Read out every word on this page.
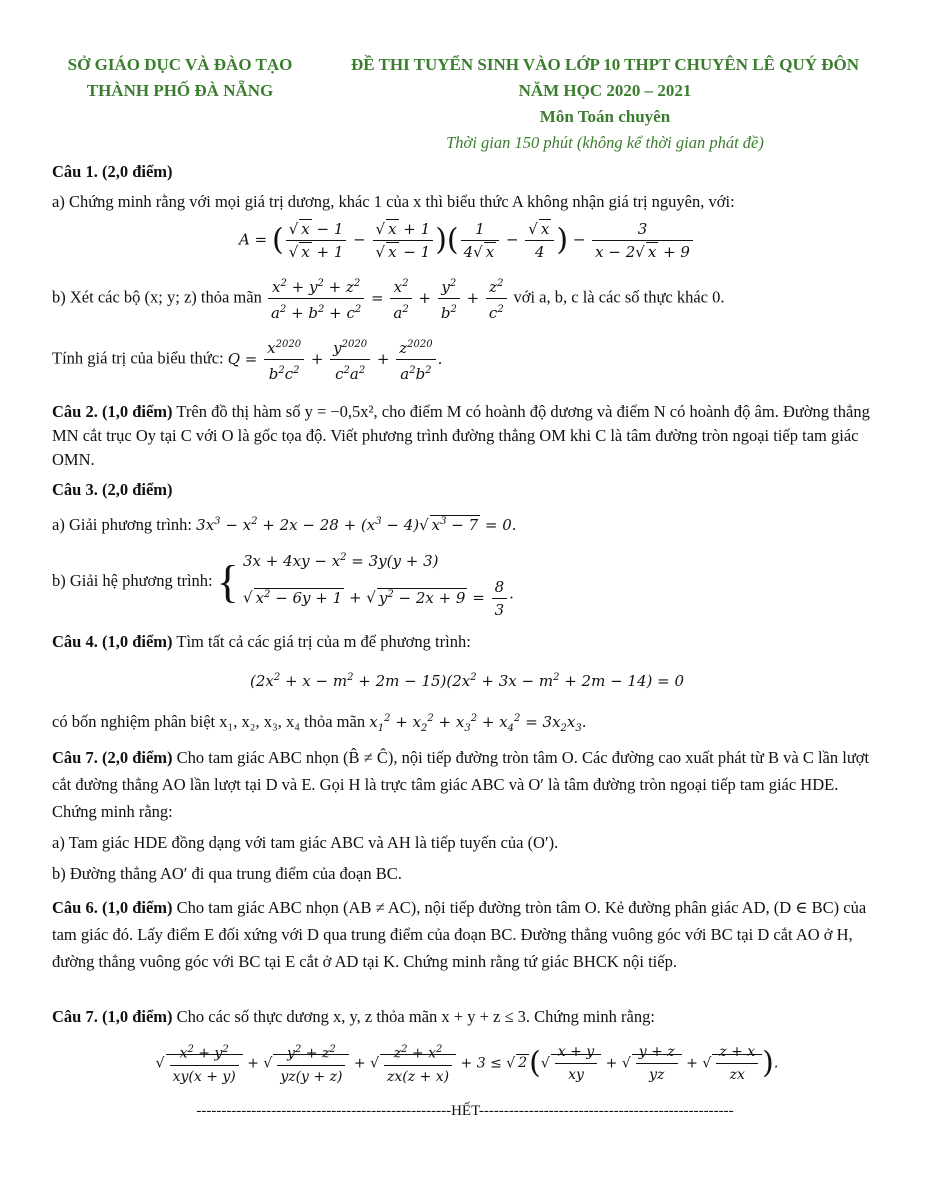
SỞ GIÁO DỤC VÀ ĐÀO TẠO
THÀNH PHỐ ĐÀ NẴNG
ĐỀ THI TUYỂN SINH VÀO LỚP 10 THPT CHUYÊN LÊ QUÝ ĐÔN
NĂM HỌC 2020 – 2021
Môn Toán chuyên
Thời gian 150 phút (không kể thời gian phát đề)
Câu 1. (2,0 điểm)
a) Chứng minh rằng với mọi giá trị dương, khác 1 của x thì biểu thức A không nhận giá trị nguyên, với:
A = ( $\frac{√ x - 1}{√ x + 1} - \frac{√ x + 1}{√ x - 1}$ )( $\frac{1}{4√ x} - \frac{√ x}{4}$ ) − $\frac{3}{x - 2√ x + 9}$
b) Xét các bộ (x; y; z) thỏa mãn $\frac{x^2 + y^2 + z^2}{a^2 + b^2 + c^2} = \frac{x^2}{a^2} + \frac{y^2}{b^2} + \frac{z^2}{c^2}$ với a, b, c là các số thực khác 0.
Tính giá trị của biểu thức: $Q = \frac{x^{2020}}{b^2c^2} + \frac{y^{2020}}{c^2a^2} + \frac{z^{2020}}{a^2b^2}$ .
Câu 2. (1,0 điểm) Trên đồ thị hàm số y = −0,5x², cho điểm M có hoành độ dương và điểm N có hoành độ âm. Đường thẳng MN cắt trục Oy tại C với O là gốc tọa độ. Viết phương trình đường thẳng OM khi C là tâm đường tròn ngoại tiếp tam giác OMN.
Câu 3. (2,0 điểm)
a) Giải phương trình: $3x^3 - x^2 + 2x - 28 + (x^3 - 4)√$ $x^3 - 7 = 0$.
b) Giải hệ phương trình: { $3x + 4xy - x^2 = 3y(y + 3)$
√ $x^2 - 6y + 1$ + √ $y^2 - 2x + 9 = \frac{8}{3}$ ·
Câu 4. (1,0 điểm) Tìm tất cả các giá trị của m để phương trình:
$(2x^2 + x - m^2 + 2m - 15)(2x^2 + 3x - m^2 + 2m - 14) = 0$
có bốn nghiệm phân biệt x₁, x₂, x₃, x₄ thỏa mãn $x_1^2 + x_2^2 + x_3^2 + x_4^2 = 3x_2x_3$.
Câu 7. (2,0 điểm) Cho tam giác ABC nhọn (B̂ ≠ Ĉ), nội tiếp đường tròn tâm O. Các đường cao xuất phát từ B và C lần lượt cắt đường thẳng AO lần lượt tại D và E. Gọi H là trực tâm giác ABC và O′ là tâm đường tròn ngoại tiếp tam giác HDE. Chứng minh rằng:
a) Tam giác HDE đồng dạng với tam giác ABC và AH là tiếp tuyến của (O′).
b) Đường thẳng AO′ đi qua trung điểm của đoạn BC.
Câu 6. (1,0 điểm) Cho tam giác ABC nhọn (AB ≠ AC), nội tiếp đường tròn tâm O. Kẻ đường phân giác AD, (D ∈ BC) của tam giác đó. Lấy điểm E đối xứng với D qua trung điểm của đoạn BC. Đường thẳng vuông góc với BC tại D cắt AO ở H, đường thẳng vuông góc với BC tại E cắt ở AD tại K. Chứng minh rằng tứ giác BHCK nội tiếp.
Câu 7. (1,0 điểm) Cho các số thực dương x, y, z thỏa mãn x + y + z ≤ 3. Chứng minh rằng:
√ $\frac{x^2 + y^2}{xy(x + y)}$ + √ $\frac{y^2 + z^2}{yz(y + z)}$ + √ $\frac{z^2 + x^2}{zx(z + x)} + 3$ ≤ √ $2(√ \frac{x + y}{xy}$ + √ $\frac{y + z}{yz}$ + √ $\frac{z + x}{zx}$ ).
---------------------------------------------------HẾT---------------------------------------------------
